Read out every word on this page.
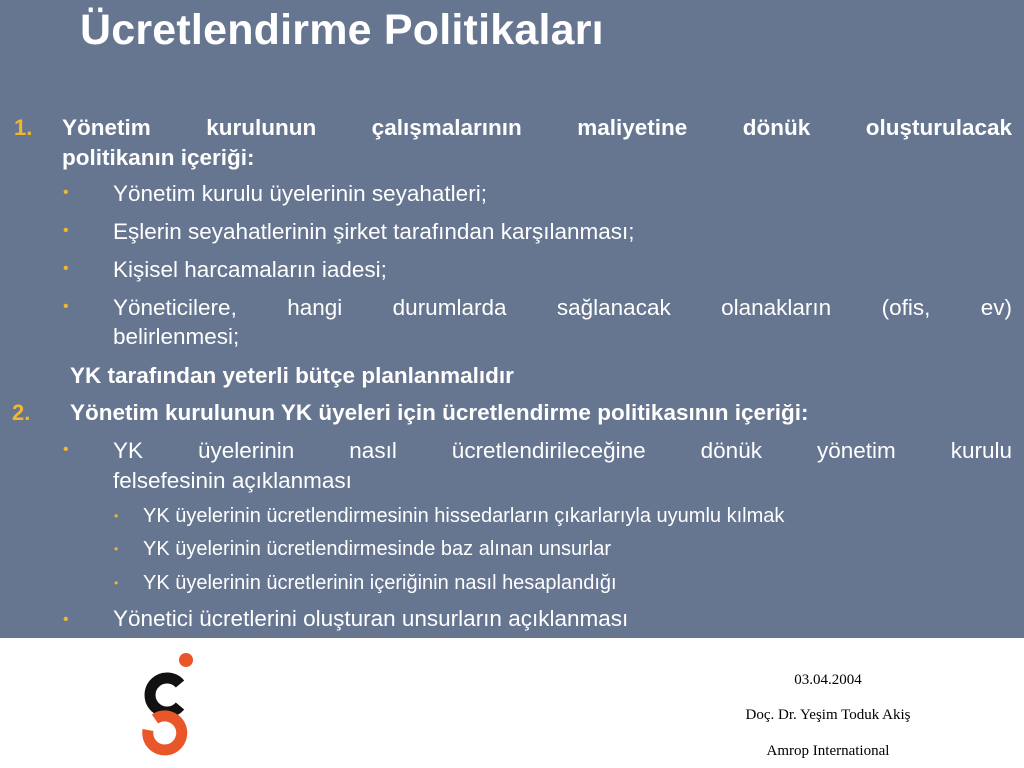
Ücretlendirme Politikaları
1. Yönetim kurulunun çalışmalarının maliyetine dönük oluşturulacak
politikanın içeriği:
• Yönetim kurulu üyelerinin seyahatleri;
• Eşlerin seyahatlerinin şirket tarafından karşılanması;
• Kişisel harcamaların iadesi;
• Yöneticilere, hangi durumlarda sağlanacak olanakların (ofis, ev)
belirlenmesi;
YK tarafından yeterli bütçe planlanmalıdır
2. Yönetim kurulunun YK üyeleri için ücretlendirme politikasının içeriği:
• YK üyelerinin nasıl ücretlendirileceğine dönük yönetim kurulu
felsefesinin açıklanması
• YK üyelerinin ücretlendirmesinin hissedarların çıkarlarıyla uyumlu kılmak
• YK üyelerinin ücretlendirmesinde baz alınan unsurlar
• YK üyelerinin ücretlerinin içeriğinin nasıl hesaplandığı
• Yönetici ücretlerini oluşturan unsurların açıklanması
03.04.2004
Doç. Dr. Yeşim Toduk Akiş
Amrop International
